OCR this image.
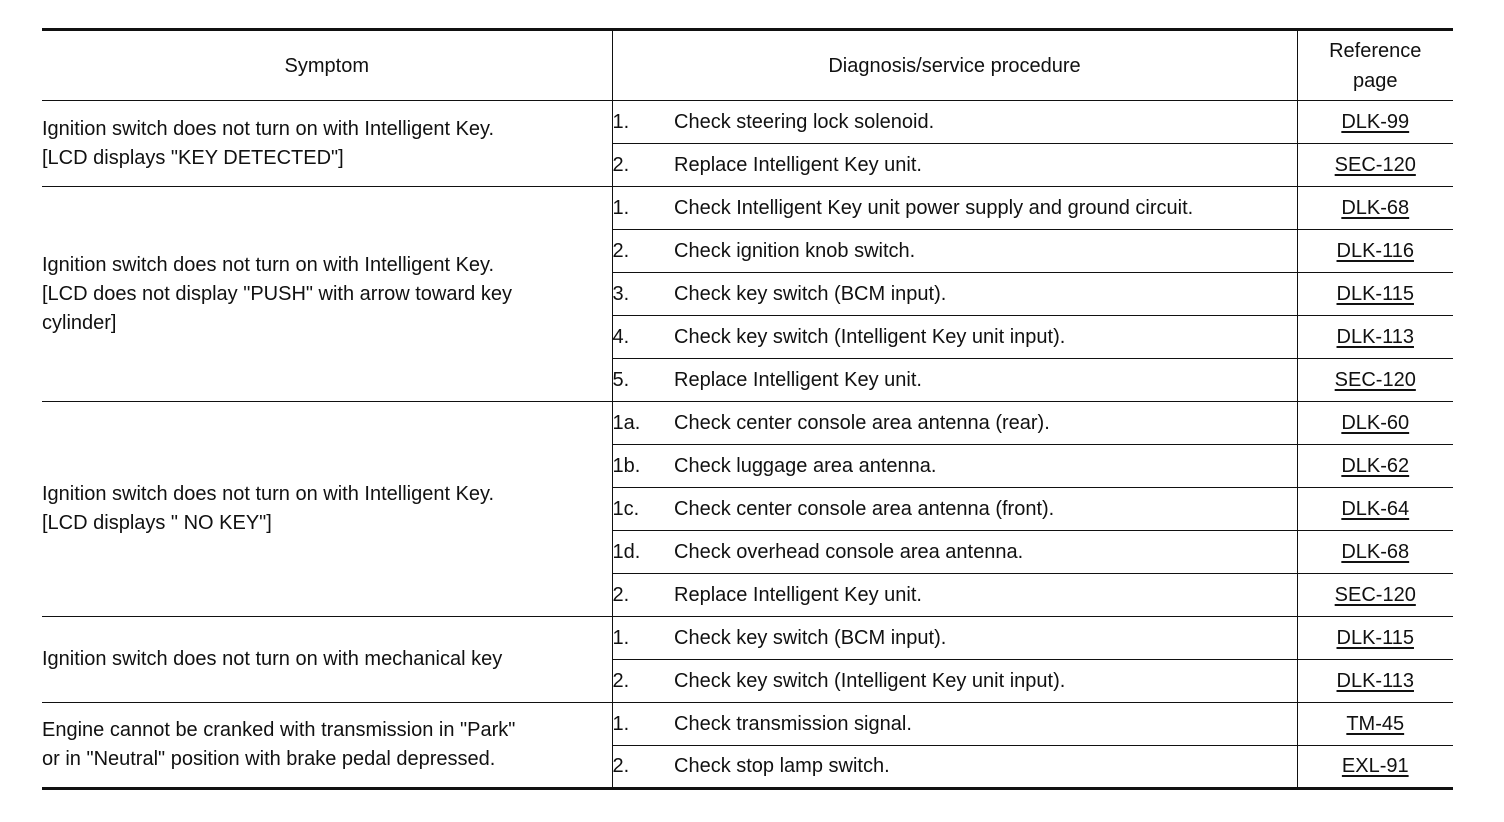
Symptom	Diagnosis/service procedure		Reference
page
Ignition switch does not turn on with Intelligent Key.
[LCD displays "KEY DETECTED"]	1.	Check steering lock solenoid.	DLK-99
	2.	Replace Intelligent Key unit.	SEC-120
Ignition switch does not turn on with Intelligent Key.
[LCD does not display "PUSH" with arrow toward key
cylinder]	1.	Check Intelligent Key unit power supply and ground circuit.	DLK-68
	2.	Check ignition knob switch.	DLK-116
	3.	Check key switch (BCM input).	DLK-115
	4.	Check key switch (Intelligent Key unit input).	DLK-113
	5.	Replace Intelligent Key unit.	SEC-120
Ignition switch does not turn on with Intelligent Key.
[LCD displays " NO KEY"]	1a.	Check center console area antenna (rear).	DLK-60
	1b.	Check luggage area antenna.	DLK-62
	1c.	Check center console area antenna (front).	DLK-64
	1d.	Check overhead console area antenna.	DLK-68
	2.	Replace Intelligent Key unit.	SEC-120
Ignition switch does not turn on with mechanical key	1.	Check key switch (BCM input).	DLK-115
	2.	Check key switch (Intelligent Key unit input).	DLK-113
Engine cannot be cranked with transmission in "Park"
or in "Neutral" position with brake pedal depressed.	1.	Check transmission signal.	TM-45
	2.	Check stop lamp switch.	EXL-91
